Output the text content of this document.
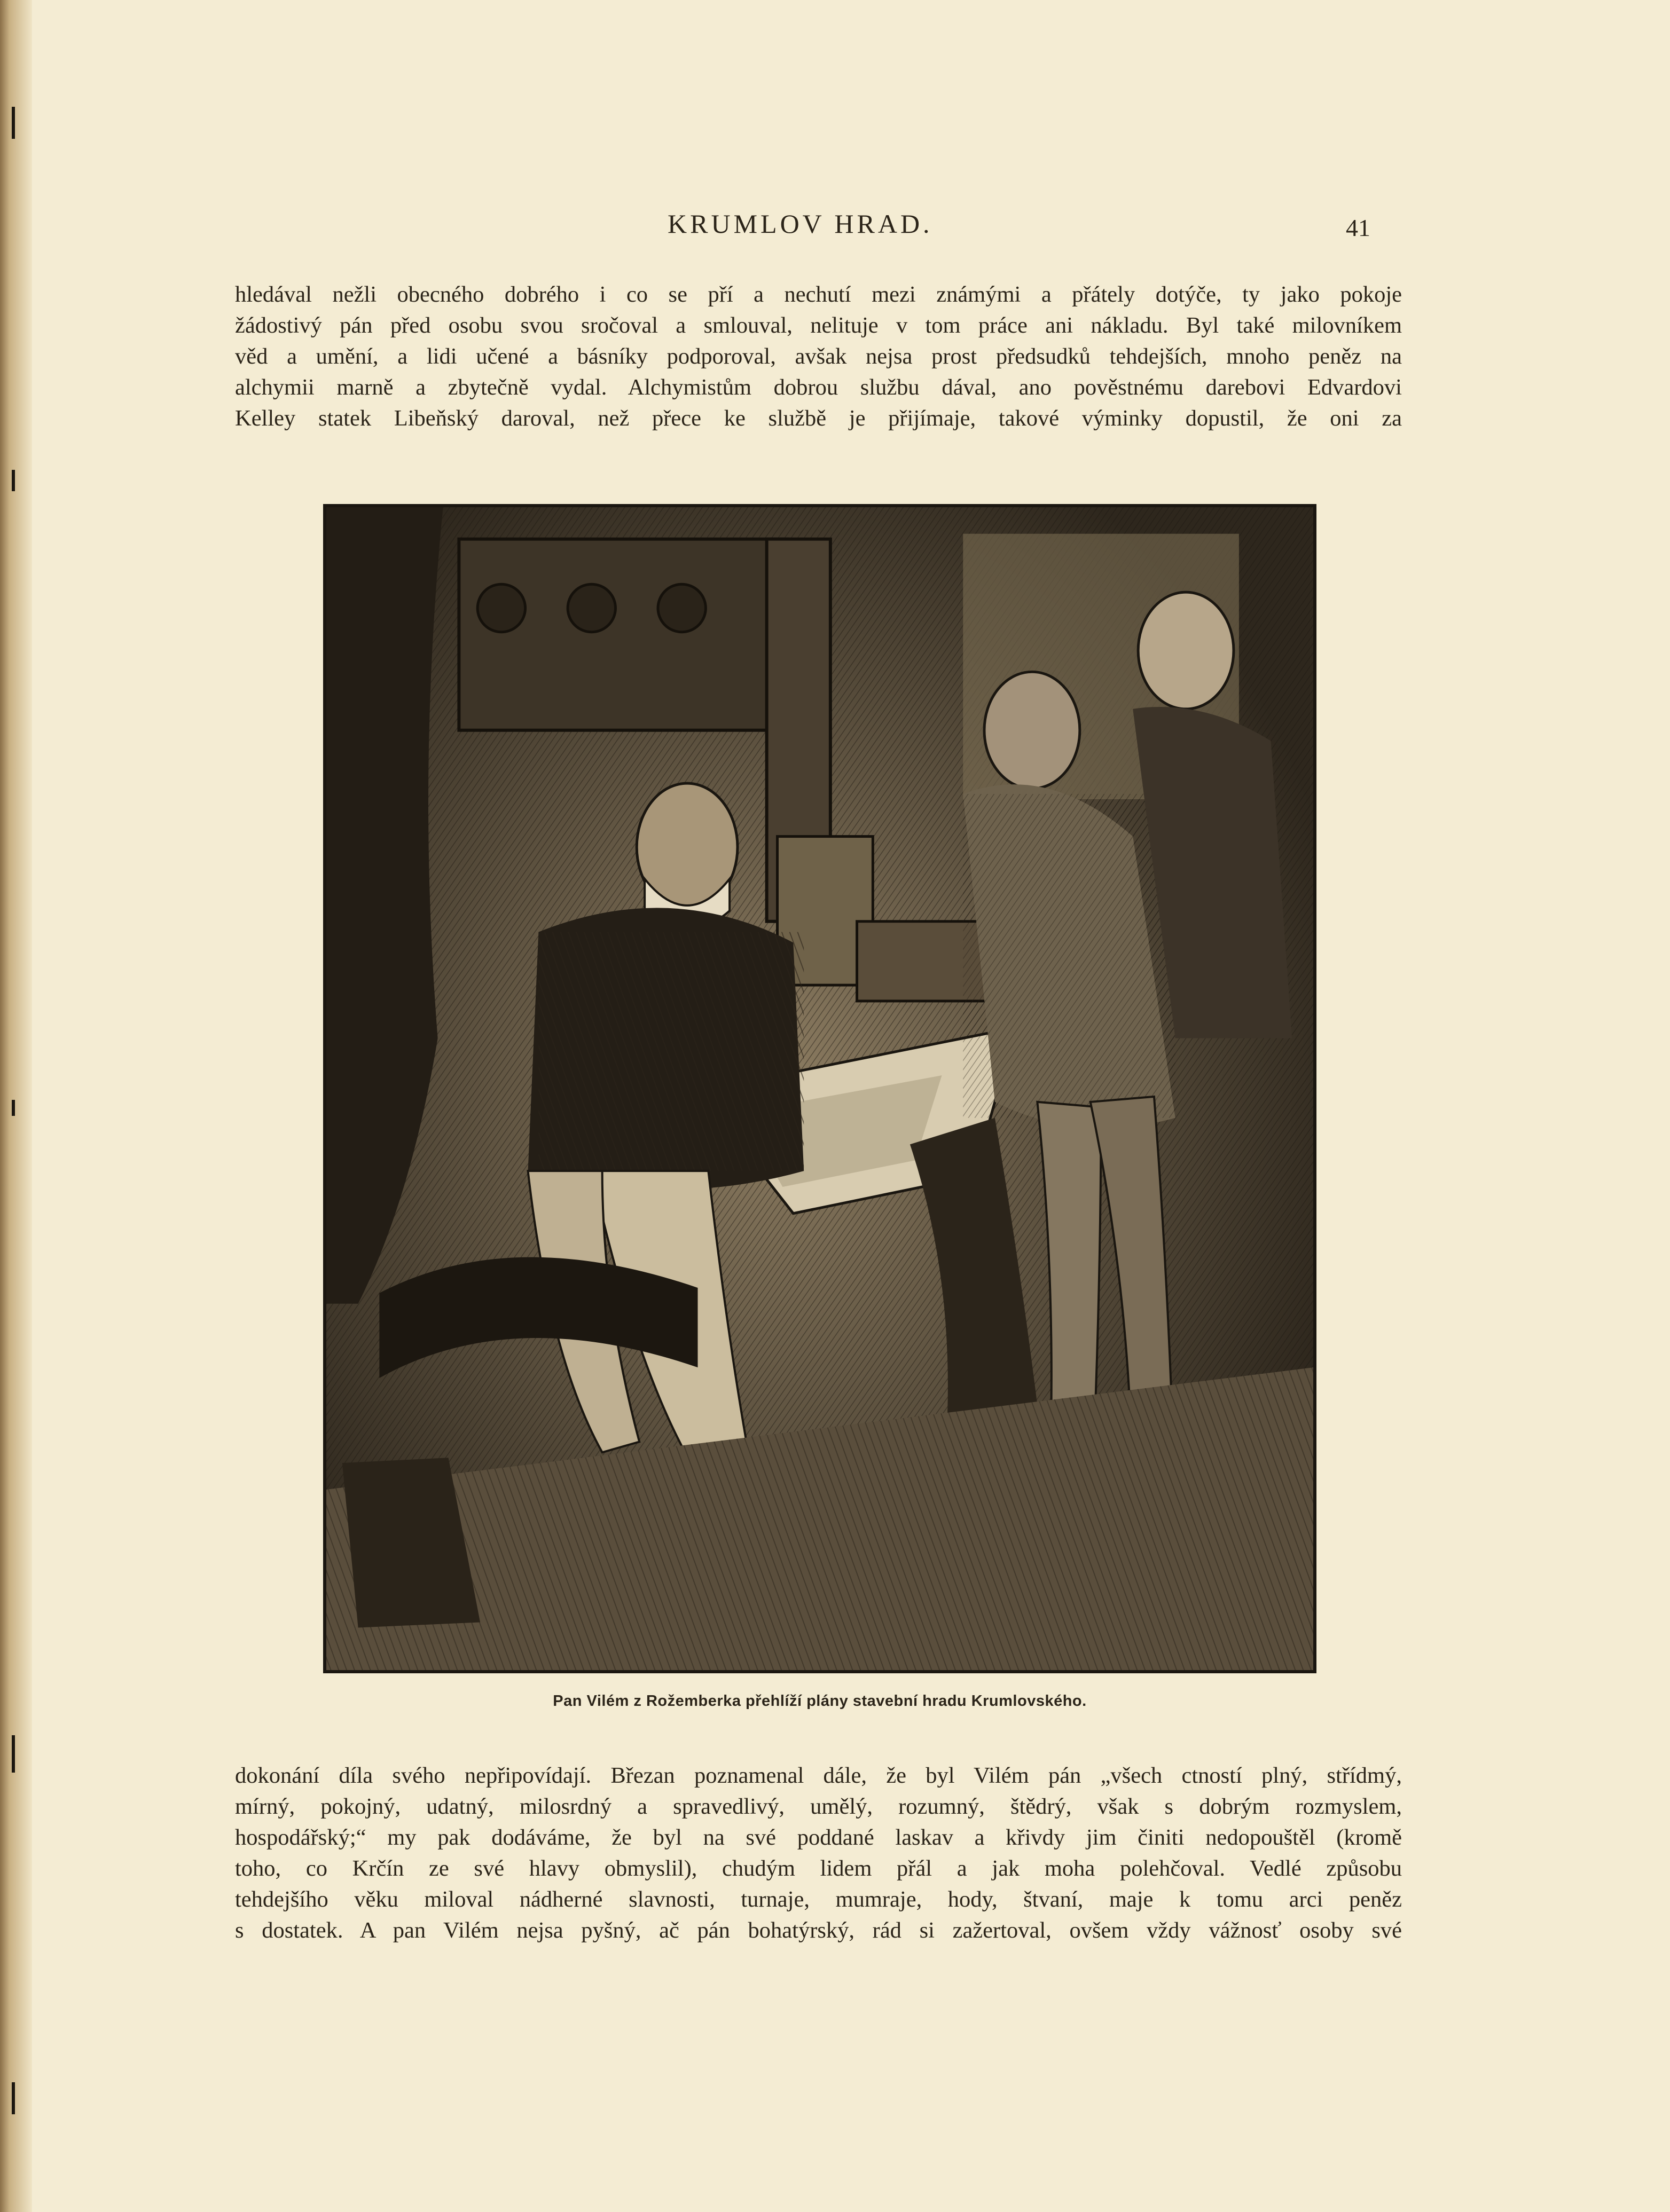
KRUMLOV HRAD.	41
hledával nežli obecného dobrého i co se pří a nechutí mezi známými a přátely dotýče, ty jako pokoje
žádostivý pán před osobu svou sročoval a smlouval, nelituje v tom práce ani nákladu. Byl také milovníkem
věd a umění, a lidi učené a básníky podporoval, avšak nejsa prost předsudků tehdejších, mnoho peněz na
alchymii marně a zbytečně vydal. Alchymistům dobrou službu dával, ano pověstnému darebovi Edvardovi
Kelley statek Libeňský daroval, než přece ke službě je přijímaje, takové výminky dopustil, že oni za
Pan Vilém z Rožemberka přehlíží plány stavební hradu Krumlovského.
dokonání díla svého nepřipovídají. Březan poznamenal dále, že byl Vilém pán „všech ctností plný, střídmý,
mírný, pokojný, udatný, milosrdný a spravedlivý, umělý, rozumný, štědrý, však s dobrým rozmyslem,
hospodářský;“ my pak dodáváme, že byl na své poddané laskav a křivdy jim činiti nedopouštěl (kromě
toho, co Krčín ze své hlavy obmyslil), chudým lidem přál a jak moha polehčoval. Vedlé způsobu
tehdejšího věku miloval nádherné slavnosti, turnaje, mumraje, hody, štvaní, maje k tomu arci peněz
s dostatek. A pan Vilém nejsa pyšný, ač pán bohatýrský, rád si zažertoval, ovšem vždy vážnosť osoby své
